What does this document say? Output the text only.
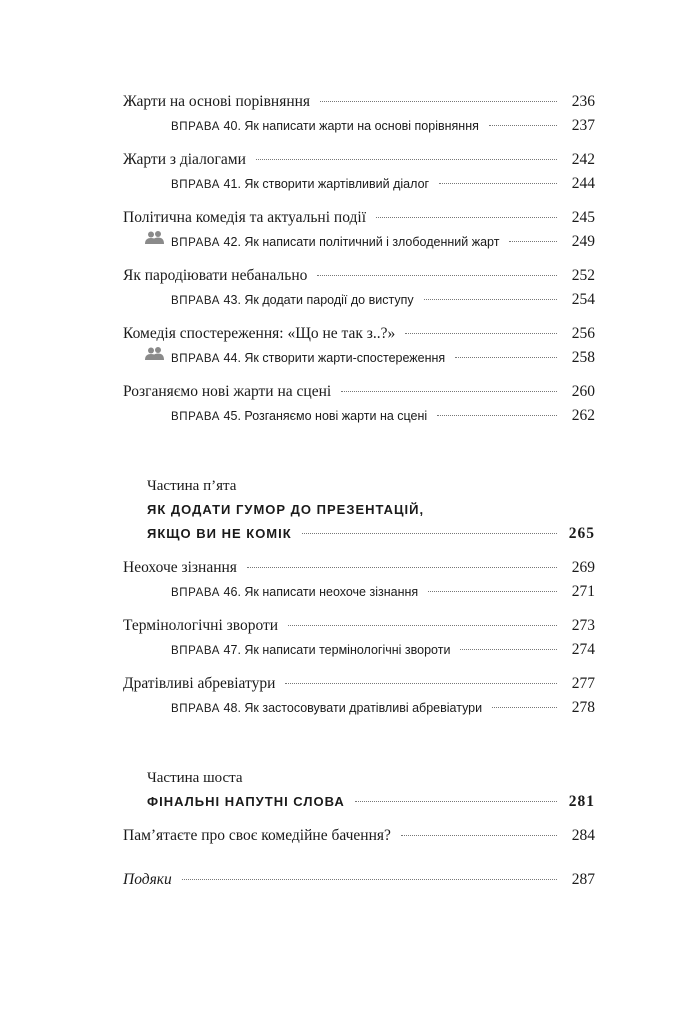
Жарти на основі порівняння	236
ВПРАВА 40. Як написати жарти на основі порівняння	237
Жарти з діалогами	242
ВПРАВА 41. Як створити жартівливий діалог	244
Політична комедія та актуальні події	245
ВПРАВА 42. Як написати політичний і злободенний жарт	249
Як пародіювати небанально	252
ВПРАВА 43. Як додати пародії до виступу	254
Комедія спостереження: «Що не так з..?»	256
ВПРАВА 44. Як створити жарти-спостереження	258
Розганяємо нові жарти на сцені	260
ВПРАВА 45. Розганяємо нові жарти на сцені	262
Частина п’ята
ЯК ДОДАТИ ГУМОР ДО ПРЕЗЕНТАЦІЙ,
ЯКЩО ВИ НЕ КОМІК	265
Неохоче зізнання	269
ВПРАВА 46. Як написати неохоче зізнання	271
Термінологічні звороти	273
ВПРАВА 47. Як написати термінологічні звороти	274
Дратівливі абревіатури	277
ВПРАВА 48. Як застосовувати дратівливі абревіатури	278
Частина шоста
ФІНАЛЬНІ НАПУТНІ СЛОВА	281
Пам’ятаєте про своє комедійне бачення?	284
Подяки	287
